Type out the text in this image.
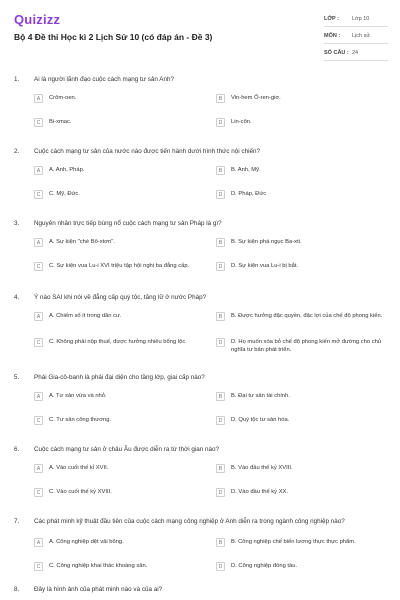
Quizizz
Bộ 4 Đề thi Học kì 2 Lịch Sử 10 (có đáp án - Đề 3)
LỚP :	Lớp 10
MÔN :	Lịch sử
SỐ CÂU : 24
1. Ai là người lãnh đạo cuộc cách mạng tư sản Anh?
A	Crôm-oen.	B	Vin-hem Ô-ren-giơ.
C	Bi-xmac.	D	Lin-côn.
2. Cuộc cách mạng tư sản của nước nào được tiến hành dưới hình thức nội chiến?
A	A. Anh, Pháp.	B	B. Anh, Mỹ.
C	C. Mỹ, Đức.	D	D. Pháp, Đức
3. Nguyên nhân trực tiếp bùng nổ cuộc cách mạng tư sản Pháp là gì?
A	A. Sự kiện "chè Bô-xtơn".	B	B. Sự kiện phá ngục Ba-xti.
C	C. Sự kiện vua Lu-i XVI triệu tập hội nghị ba đẳng cấp.	D	D. Sự kiện vua Lu-i bị bắt.
4. Ý nào SAI khi nói về đẳng cấp quý tộc, tăng lữ ở nước Pháp?
A	A. Chiếm số ít trong dân cư.	B	B. Được hưởng đặc quyền, đặc lợi của chế độ phong kiến.
C	C. Không phải nộp thuế, được hưởng nhiều bổng lộc.	D	D. Họ muốn xóa bỏ chế độ phong kiến mở đường cho chủ nghĩa tư bản phát triển.
5. Phái Gia-cô-banh là phái đại diện cho tầng lớp, giai cấp nào?
A	A. Tư sản vừa và nhỏ.	B	B. Đại tư sản tài chính.
C	C. Tư sản công thương.	D	D. Quý tộc tư sản hóa.
6. Cuộc cách mạng tư sản ở châu Âu được diễn ra từ thời gian nào?
A	A. Vào cuối thế kỉ XVII.	B	B. Vào đầu thế kỷ XVIII.
C	C. Vào cuối thế kỷ XVIII.	D	D. Vào đầu thế kỷ XX.
7. Các phát minh kỹ thuật đầu tiên của cuộc cách mạng công nghiệp ở Anh diễn ra trong ngành công nghiệp nào?
A	A. Công nghiệp dệt vải bông.	B	B. Công nghiệp chế biến lương thực thực phẩm.
C	C. Công nghiệp khai thác khoáng sản.	D	D. Công nghiệp đóng tàu.
8. Đây là hình ảnh của phát minh nào và của ai?
